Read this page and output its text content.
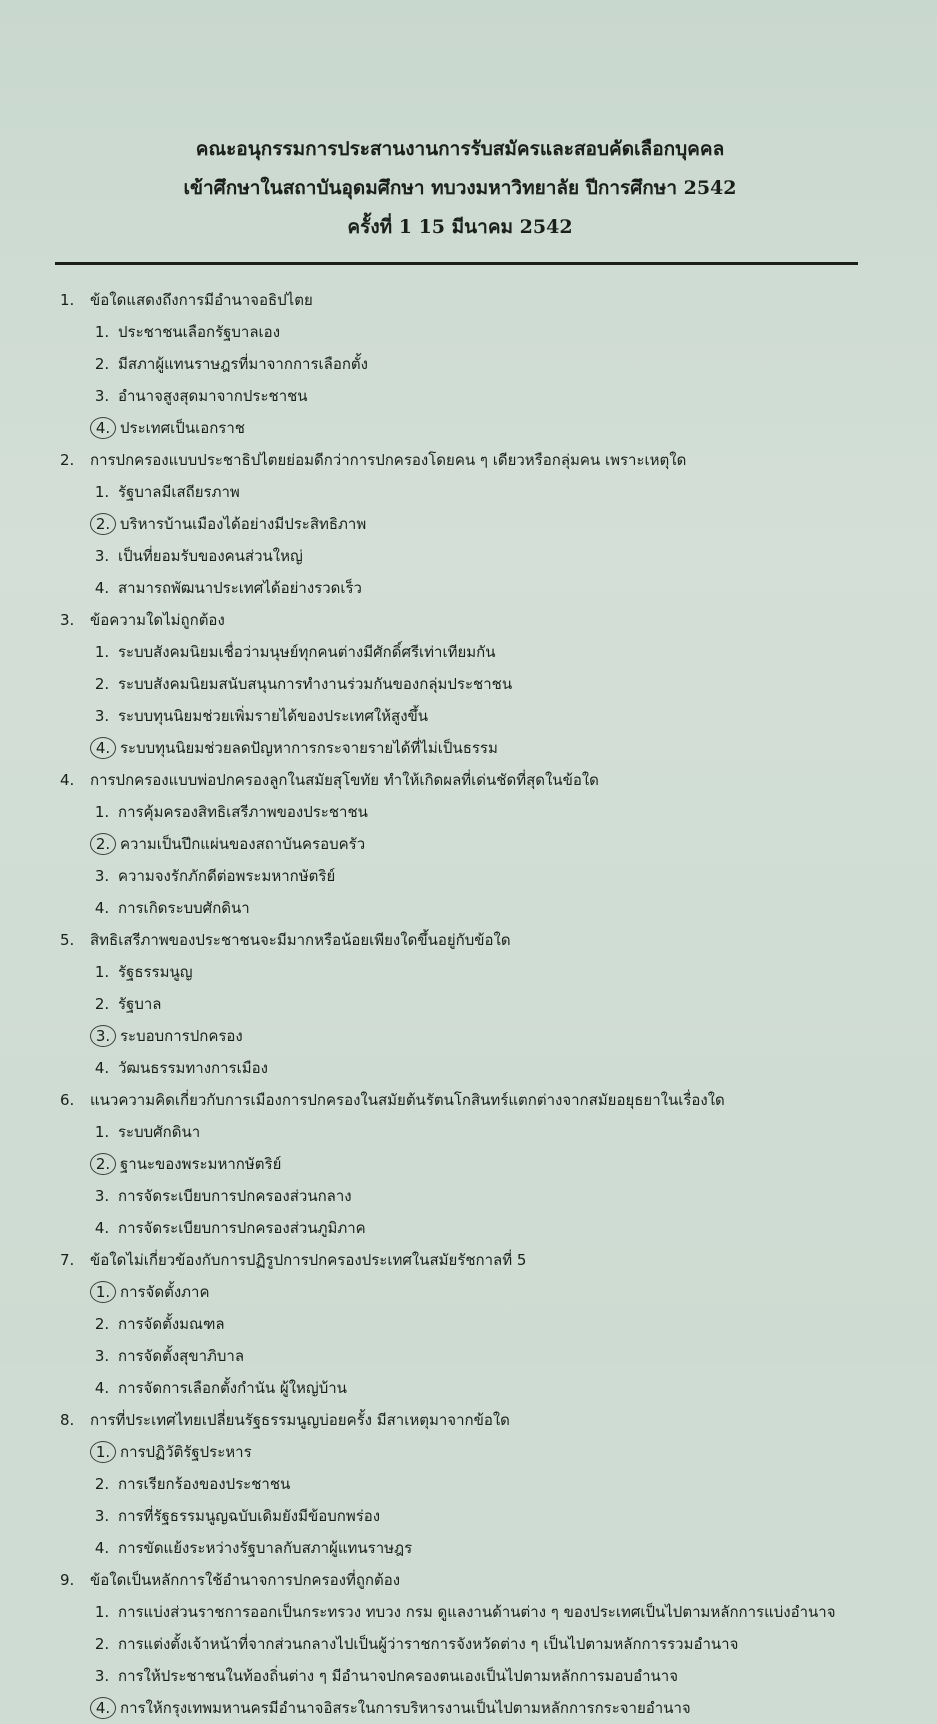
คณะอนุกรรมการประสานงานการรับสมัครและสอบคัดเลือกบุคคล
เข้าศึกษาในสถาบันอุดมศึกษา ทบวงมหาวิทยาลัย ปีการศึกษา 2542
ครั้งที่ 1 15 มีนาคม 2542
1.	ข้อใดแสดงถึงการมีอำนาจอธิปไตย
1. ประชาชนเลือกรัฐบาลเอง
2. มีสภาผู้แทนราษฎรที่มาจากการเลือกตั้ง
3. อำนาจสูงสุดมาจากประชาชน
4. ประเทศเป็นเอกราช
2.	การปกครองแบบประชาธิปไตยย่อมดีกว่าการปกครองโดยคน ๆ เดียวหรือกลุ่มคน เพราะเหตุใด
1. รัฐบาลมีเสถียรภาพ
2. บริหารบ้านเมืองได้อย่างมีประสิทธิภาพ
3. เป็นที่ยอมรับของคนส่วนใหญ่
4. สามารถพัฒนาประเทศได้อย่างรวดเร็ว
3.	ข้อความใดไม่ถูกต้อง
1. ระบบสังคมนิยมเชื่อว่ามนุษย์ทุกคนต่างมีศักดิ์ศรีเท่าเทียมกัน
2. ระบบสังคมนิยมสนับสนุนการทำงานร่วมกันของกลุ่มประชาชน
3. ระบบทุนนิยมช่วยเพิ่มรายได้ของประเทศให้สูงขึ้น
4. ระบบทุนนิยมช่วยลดปัญหาการกระจายรายได้ที่ไม่เป็นธรรม
4.	การปกครองแบบพ่อปกครองลูกในสมัยสุโขทัย ทำให้เกิดผลที่เด่นชัดที่สุดในข้อใด
1. การคุ้มครองสิทธิเสรีภาพของประชาชน
2. ความเป็นปึกแผ่นของสถาบันครอบครัว
3. ความจงรักภักดีต่อพระมหากษัตริย์
4. การเกิดระบบศักดินา
5.	สิทธิเสรีภาพของประชาชนจะมีมากหรือน้อยเพียงใดขึ้นอยู่กับข้อใด
1. รัฐธรรมนูญ
2. รัฐบาล
3. ระบอบการปกครอง
4. วัฒนธรรมทางการเมือง
6.	แนวความคิดเกี่ยวกับการเมืองการปกครองในสมัยต้นรัตนโกสินทร์แตกต่างจากสมัยอยุธยาในเรื่องใด
1. ระบบศักดินา
2. ฐานะของพระมหากษัตริย์
3. การจัดระเบียบการปกครองส่วนกลาง
4. การจัดระเบียบการปกครองส่วนภูมิภาค
7.	ข้อใดไม่เกี่ยวข้องกับการปฏิรูปการปกครองประเทศในสมัยรัชกาลที่ 5
1. การจัดตั้งภาค
2. การจัดตั้งมณฑล
3. การจัดตั้งสุขาภิบาล
4. การจัดการเลือกตั้งกำนัน ผู้ใหญ่บ้าน
8.	การที่ประเทศไทยเปลี่ยนรัฐธรรมนูญบ่อยครั้ง มีสาเหตุมาจากข้อใด
1. การปฏิวัติรัฐประหาร
2. การเรียกร้องของประชาชน
3. การที่รัฐธรรมนูญฉบับเดิมยังมีข้อบกพร่อง
4. การขัดแย้งระหว่างรัฐบาลกับสภาผู้แทนราษฎร
9.	ข้อใดเป็นหลักการใช้อำนาจการปกครองที่ถูกต้อง
1. การแบ่งส่วนราชการออกเป็นกระทรวง ทบวง กรม ดูแลงานด้านต่าง ๆ ของประเทศเป็นไปตามหลักการแบ่งอำนาจ
2. การแต่งตั้งเจ้าหน้าที่จากส่วนกลางไปเป็นผู้ว่าราชการจังหวัดต่าง ๆ เป็นไปตามหลักการรวมอำนาจ
3. การให้ประชาชนในท้องถิ่นต่าง ๆ มีอำนาจปกครองตนเองเป็นไปตามหลักการมอบอำนาจ
4. การให้กรุงเทพมหานครมีอำนาจอิสระในการบริหารงานเป็นไปตามหลักการกระจายอำนาจ
